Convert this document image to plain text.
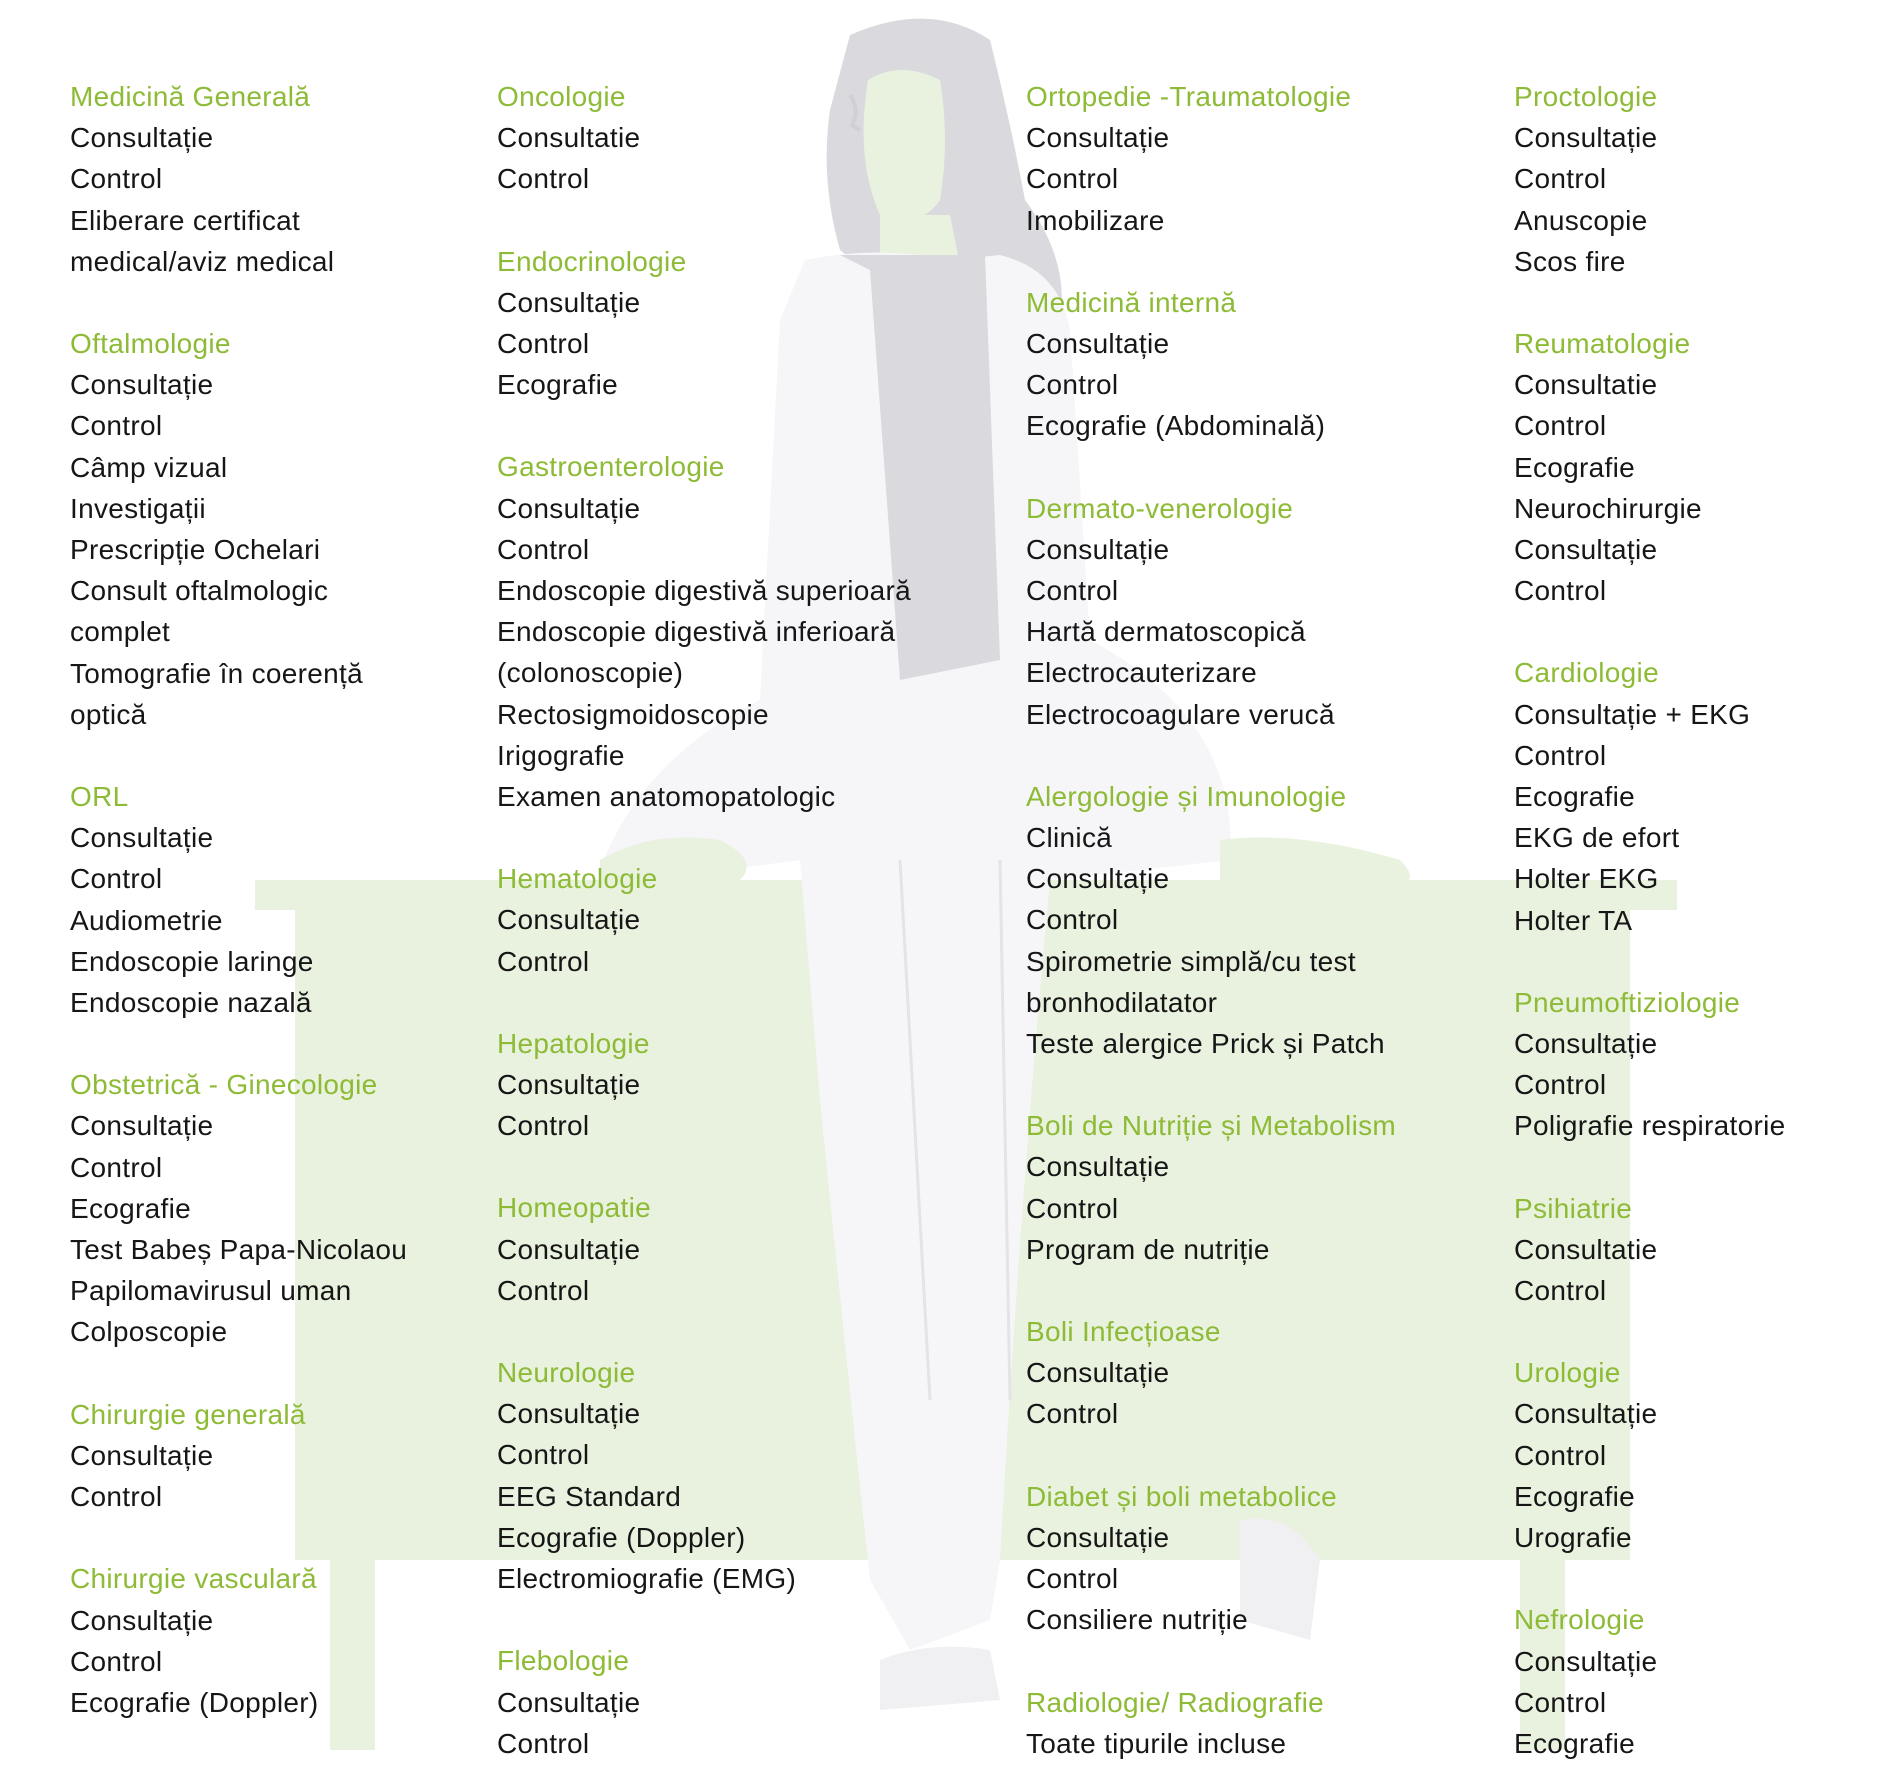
Medicină Generală
Consultație
Control
Eliberare certificat
medical/aviz medical
Oftalmologie
Consultație
Control
Câmp vizual
Investigații
Prescripție Ochelari
Consult oftalmologic
complet
Tomografie în coerență
optică
ORL
Consultație
Control
Audiometrie
Endoscopie laringe
Endoscopie nazală
Obstetrică - Ginecologie
Consultație
Control
Ecografie
Test Babeș Papa-Nicolaou
Papilomavirusul uman
Colposcopie
Chirurgie generală
Consultație
Control
Chirurgie vasculară
Consultație
Control
Ecografie (Doppler)
Oncologie
Consultatie
Control
Endocrinologie
Consultație
Control
Ecografie
Gastroenterologie
Consultație
Control
Endoscopie digestivă superioară
Endoscopie digestivă inferioară
(colonoscopie)
Rectosigmoidoscopie
Irigografie
Examen anatomopatologic
Hematologie
Consultație
Control
Hepatologie
Consultație
Control
Homeopatie
Consultație
Control
Neurologie
Consultație
Control
EEG Standard
Ecografie (Doppler)
Electromiografie (EMG)
Flebologie
Consultație
Control
Ortopedie -Traumatologie
Consultație
Control
Imobilizare
Medicină internă
Consultație
Control
Ecografie (Abdominală)
Dermato-venerologie
Consultație
Control
Hartă dermatoscopică
Electrocauterizare
Electrocoagulare verucă
Alergologie și Imunologie
Clinică
Consultație
Control
Spirometrie simplă/cu test
bronhodilatator
Teste alergice Prick și Patch
Boli de Nutriție și Metabolism
Consultație
Control
Program de nutriție
Boli Infecțioase
Consultație
Control
Diabet și boli metabolice
Consultație
Control
Consiliere nutriție
Radiologie/ Radiografie
Toate tipurile incluse
Proctologie
Consultație
Control
Anuscopie
Scos fire
Reumatologie
Consultatie
Control
Ecografie
Neurochirurgie
Consultație
Control
Cardiologie
Consultație + EKG
Control
Ecografie
EKG de efort
Holter EKG
Holter TA
Pneumoftiziologie
Consultație
Control
Poligrafie respiratorie
Psihiatrie
Consultatie
Control
Urologie
Consultație
Control
Ecografie
Urografie
Nefrologie
Consultație
Control
Ecografie
